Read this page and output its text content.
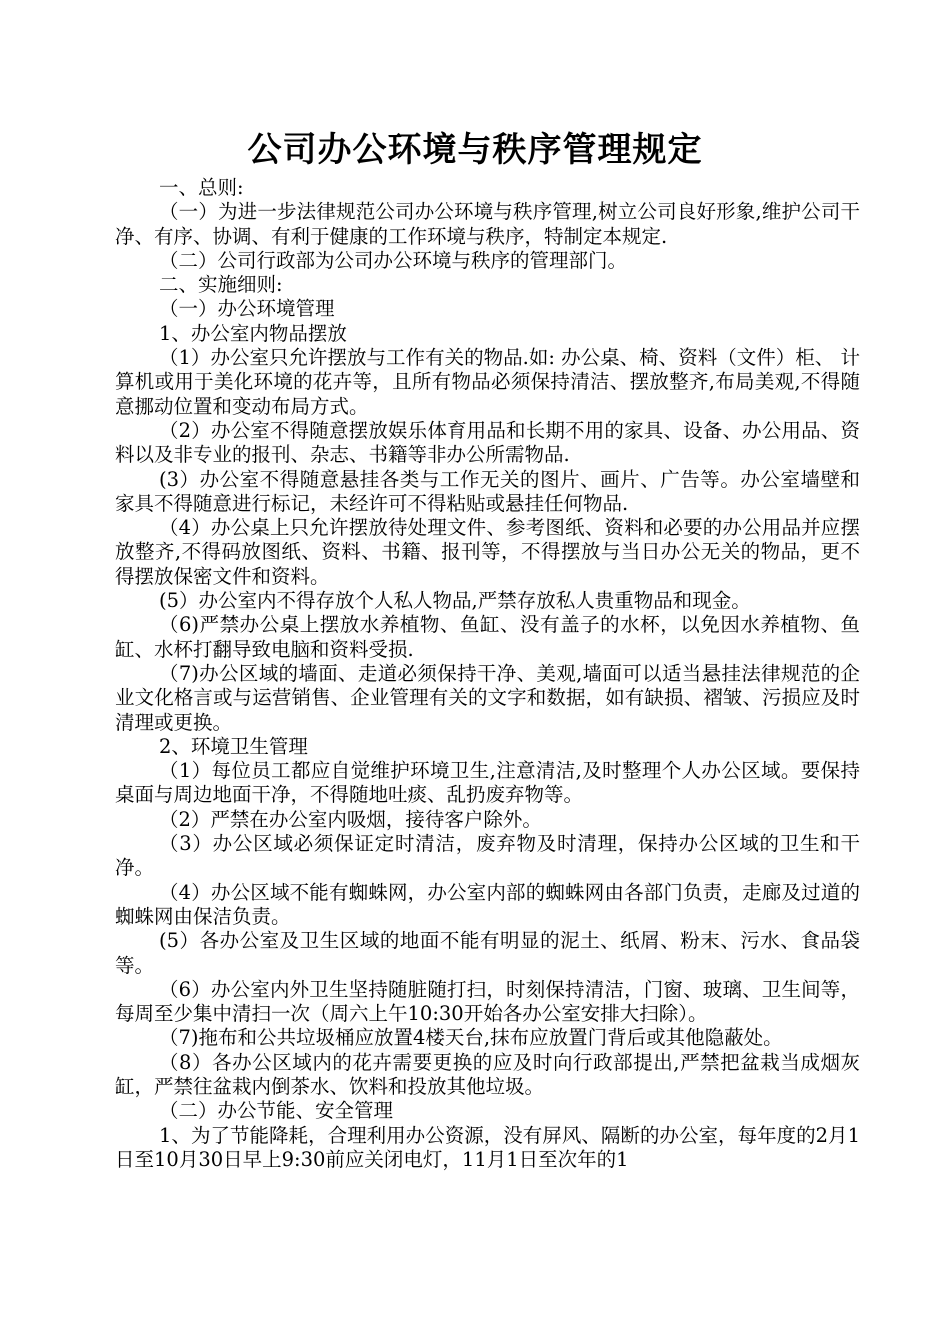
公司办公环境与秩序管理规定

一、总则:

（一）为进一步法律规范公司办公环境与秩序管理,树立公司良好形象,维护公司干净、有序、协调、有利于健康的工作环境与秩序，特制定本规定.

（二）公司行政部为公司办公环境与秩序的管理部门。

二、实施细则:

（一）办公环境管理

1、办公室内物品摆放

（1）办公室只允许摆放与工作有关的物品.如: 办公桌、椅、资料（文件）柜、 计算机或用于美化环境的花卉等，且所有物品必须保持清洁、摆放整齐,布局美观,不得随意挪动位置和变动布局方式。

（2）办公室不得随意摆放娱乐体育用品和长期不用的家具、设备、办公用品、资料以及非专业的报刊、杂志、书籍等非办公所需物品.

(3）办公室不得随意悬挂各类与工作无关的图片、画片、广告等。办公室墙壁和家具不得随意进行标记，未经许可不得粘贴或悬挂任何物品.

（4）办公桌上只允许摆放待处理文件、参考图纸、资料和必要的办公用品并应摆放整齐,不得码放图纸、资料、书籍、报刊等，不得摆放与当日办公无关的物品，更不得摆放保密文件和资料。

(5）办公室内不得存放个人私人物品,严禁存放私人贵重物品和现金。

（6)严禁办公桌上摆放水养植物、鱼缸、没有盖子的水杯，以免因水养植物、鱼缸、水杯打翻导致电脑和资料受损.

（7)办公区域的墙面、走道必须保持干净、美观,墙面可以适当悬挂法律规范的企业文化格言或与运营销售、企业管理有关的文字和数据，如有缺损、褶皱、污损应及时清理或更换。

2、环境卫生管理

（1）每位员工都应自觉维护环境卫生,注意清洁,及时整理个人办公区域。要保持桌面与周边地面干净，不得随地吐痰、乱扔废弃物等。

（2）严禁在办公室内吸烟，接待客户除外。

（3）办公区域必须保证定时清洁，废弃物及时清理，保持办公区域的卫生和干净。

（4）办公区域不能有蜘蛛网，办公室内部的蜘蛛网由各部门负责，走廊及过道的蜘蛛网由保洁负责。

(5）各办公室及卫生区域的地面不能有明显的泥土、纸屑、粉末、污水、食品袋等。

（6）办公室内外卫生坚持随脏随打扫，时刻保持清洁，门窗、玻璃、卫生间等，每周至少集中清扫一次（周六上午10:30开始各办公室安排大扫除）。

（7)拖布和公共垃圾桶应放置4楼天台,抹布应放置门背后或其他隐蔽处。

（8）各办公区域内的花卉需要更换的应及时向行政部提出,严禁把盆栽当成烟灰缸，严禁往盆栽内倒茶水、饮料和投放其他垃圾。

（二）办公节能、安全管理

1、为了节能降耗，合理利用办公资源，没有屏风、隔断的办公室，每年度的2月1日至10月30日早上9:30前应关闭电灯，11月1日至次年的1
